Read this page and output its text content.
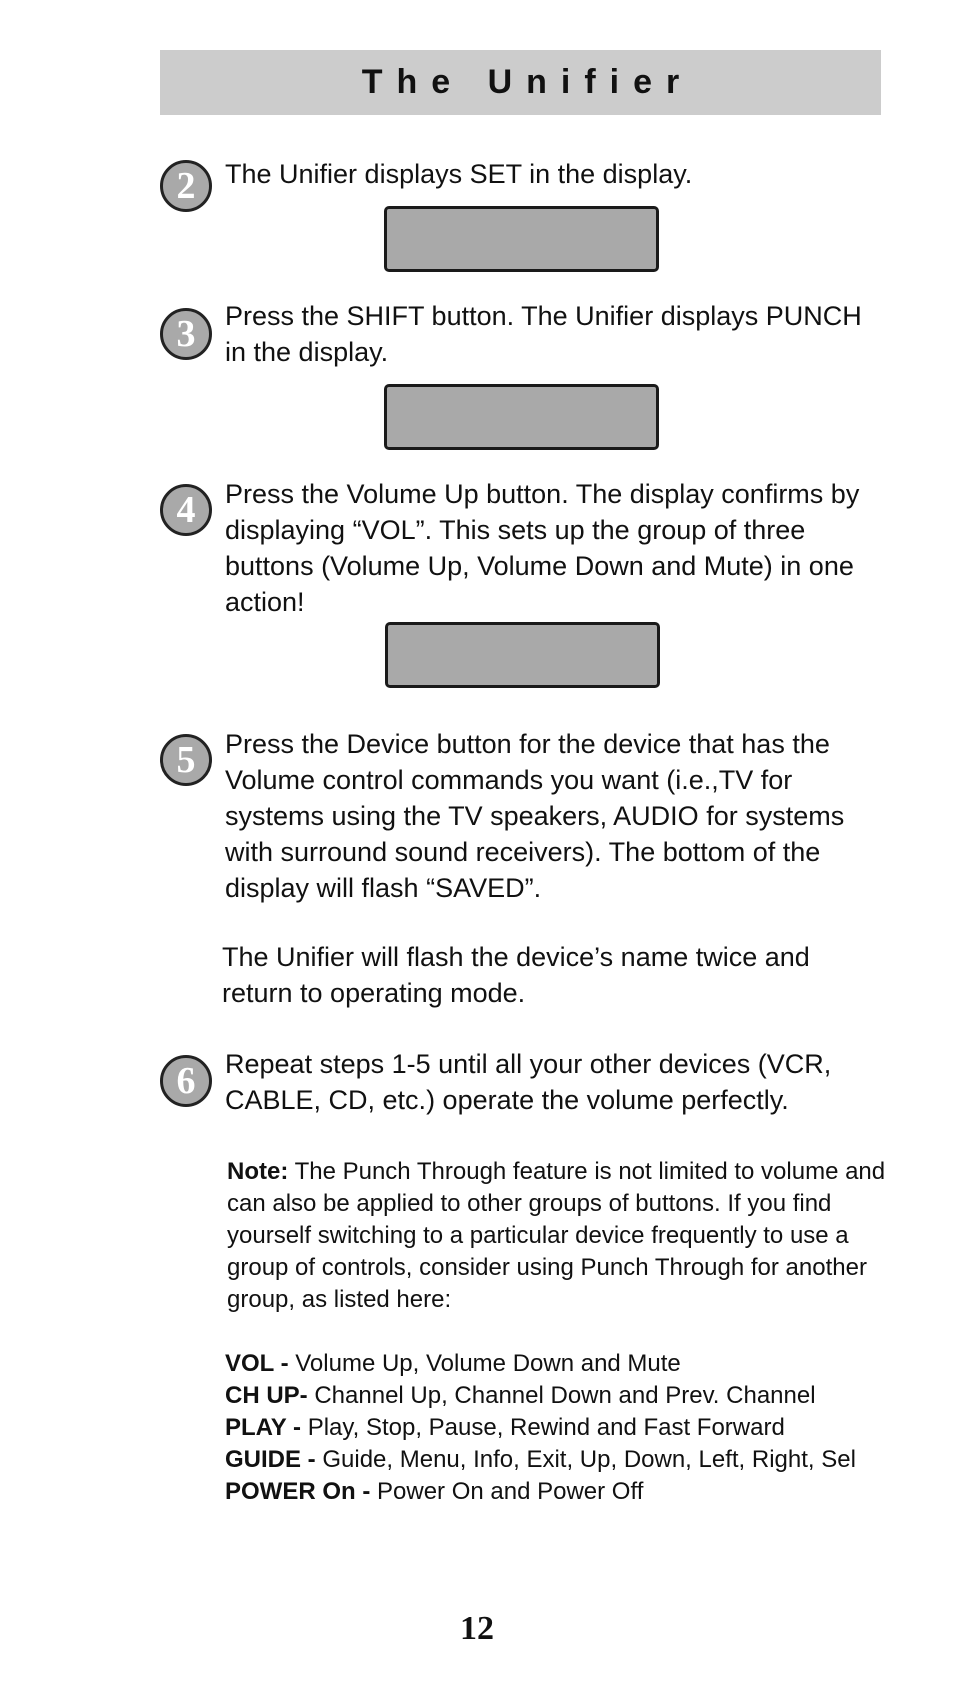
The Unifier
2	The Unifier displays SET in the display.
3	Press the SHIFT button. The Unifier displays PUNCH in the display.
4	Press the Volume Up button. The display confirms by displaying “VOL”. This sets up the group of three buttons (Volume Up, Volume Down and Mute) in one action!
5	Press the Device button for the device that has the Volume control commands you want (i.e.,TV for systems using the TV speakers, AUDIO for systems with surround sound receivers). The bottom of the display will flash “SAVED”.
The Unifier will flash the device’s name twice and return to operating mode.
6	Repeat steps 1-5 until all your other devices (VCR, CABLE, CD, etc.) operate the volume perfectly.
Note: The Punch Through feature is not limited to volume and can also be applied to other groups of buttons. If you find yourself switching to a particular device frequently to use a group of controls, consider using Punch Through for another group, as listed here:
VOL - Volume Up, Volume Down and Mute
CH UP- Channel Up, Channel Down and Prev. Channel
PLAY - Play, Stop, Pause, Rewind and Fast Forward
GUIDE - Guide, Menu, Info, Exit, Up, Down, Left, Right, Sel
POWER On - Power On and Power Off
12
